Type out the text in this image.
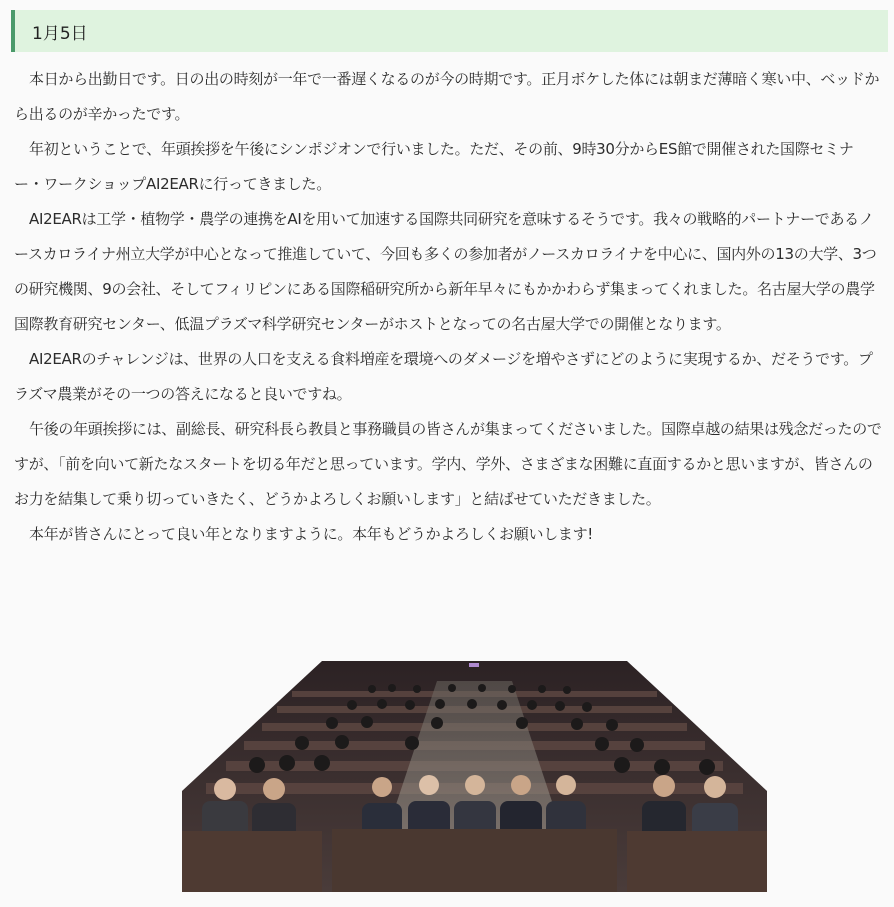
1月5日

本日から出勤日です。日の出の時刻が一年で一番遅くなるのが今の時期です。正月ボケした体には朝まだ薄暗く寒い中、ベッドから出るのが辛かったです。

年初ということで、年頭挨拶を午後にシンポジオンで行いました。ただ、その前、9時30分からES館で開催された国際セミナー・ワークショップAI2EARに行ってきました。

AI2EARは工学・植物学・農学の連携をAIを用いて加速する国際共同研究を意味するそうです。我々の戦略的パートナーであるノースカロライナ州立大学が中心となって推進していて、今回も多くの参加者がノースカロライナを中心に、国内外の13の大学、3つの研究機関、9の会社、そしてフィリピンにある国際稲研究所から新年早々にもかかわらず集まってくれました。名古屋大学の農学国際教育研究センター、低温プラズマ科学研究センターがホストとなっての名古屋大学での開催となります。

AI2EARのチャレンジは、世界の人口を支える食料増産を環境へのダメージを増やさずにどのように実現するか、だそうです。プラズマ農業がその一つの答えになると良いですね。

午後の年頭挨拶には、副総長、研究科長ら教員と事務職員の皆さんが集まってくださいました。国際卓越の結果は残念だったのですが、「前を向いて新たなスタートを切る年だと思っています。学内、学外、さまざまな困難に直面するかと思いますが、皆さんのお力を結集して乗り切っていきたく、どうかよろしくお願いします」と結ばせていただきました。

本年が皆さんにとって良い年となりますように。本年もどうかよろしくお願いします!
